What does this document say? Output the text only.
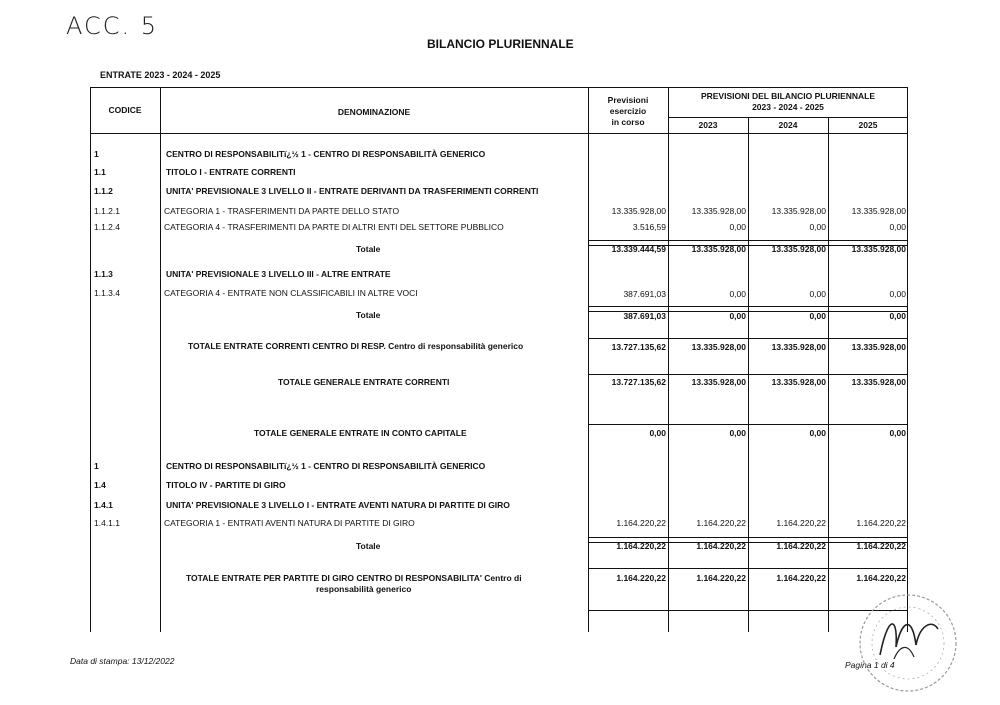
ACC. 5
BILANCIO PLURIENNALE
ENTRATE 2023 - 2024 - 2025
CODICE	DENOMINAZIONE
Previsioni
esercizio
in corso
PREVISIONI DEL BILANCIO PLURIENNALE
2023 - 2024 - 2025
2023	2024	2025
1	CENTRO DI RESPONSABILITï¿½ 1 - CENTRO DI RESPONSABILITÀ GENERICO
1.1	TITOLO I - ENTRATE CORRENTI
1.1.2	UNITA' PREVISIONALE 3 LIVELLO II - ENTRATE DERIVANTI DA TRASFERIMENTI CORRENTI
1.1.2.1	CATEGORIA 1 - TRASFERIMENTI DA PARTE DELLO STATO	13.335.928,00	13.335.928,00	13.335.928,00	13.335.928,00
1.1.2.4	CATEGORIA 4 - TRASFERIMENTI DA PARTE DI ALTRI ENTI DEL SETTORE PUBBLICO	3.516,59	0,00	0,00	0,00
Totale	13.339.444,59	13.335.928,00	13.335.928,00	13.335.928,00
1.1.3	UNITA' PREVISIONALE 3 LIVELLO III - ALTRE ENTRATE
1.1.3.4	CATEGORIA 4 - ENTRATE NON CLASSIFICABILI IN ALTRE VOCI	387.691,03	0,00	0,00	0,00
Totale	387.691,03	0,00	0,00	0,00
TOTALE ENTRATE CORRENTI CENTRO DI RESP. Centro di responsabilità generico	13.727.135,62	13.335.928,00	13.335.928,00	13.335.928,00
TOTALE GENERALE ENTRATE CORRENTI	13.727.135,62	13.335.928,00	13.335.928,00	13.335.928,00
TOTALE GENERALE ENTRATE IN CONTO CAPITALE	0,00	0,00	0,00	0,00
1	CENTRO DI RESPONSABILITï¿½ 1 - CENTRO DI RESPONSABILITÀ GENERICO
1.4	TITOLO IV - PARTITE DI GIRO
1.4.1	UNITA' PREVISIONALE 3 LIVELLO I - ENTRATE AVENTI NATURA DI PARTITE DI GIRO
1.4.1.1	CATEGORIA 1 - ENTRATI AVENTI NATURA DI PARTITE DI GIRO	1.164.220,22	1.164.220,22	1.164.220,22	1.164.220,22
Totale	1.164.220,22	1.164.220,22	1.164.220,22	1.164.220,22
TOTALE ENTRATE PER PARTITE DI GIRO CENTRO DI RESPONSABILITA' Centro di
responsabilità generico
1.164.220,22	1.164.220,22	1.164.220,22	1.164.220,22
Data di stampa: 13/12/2022	Pagina 1 di 4
